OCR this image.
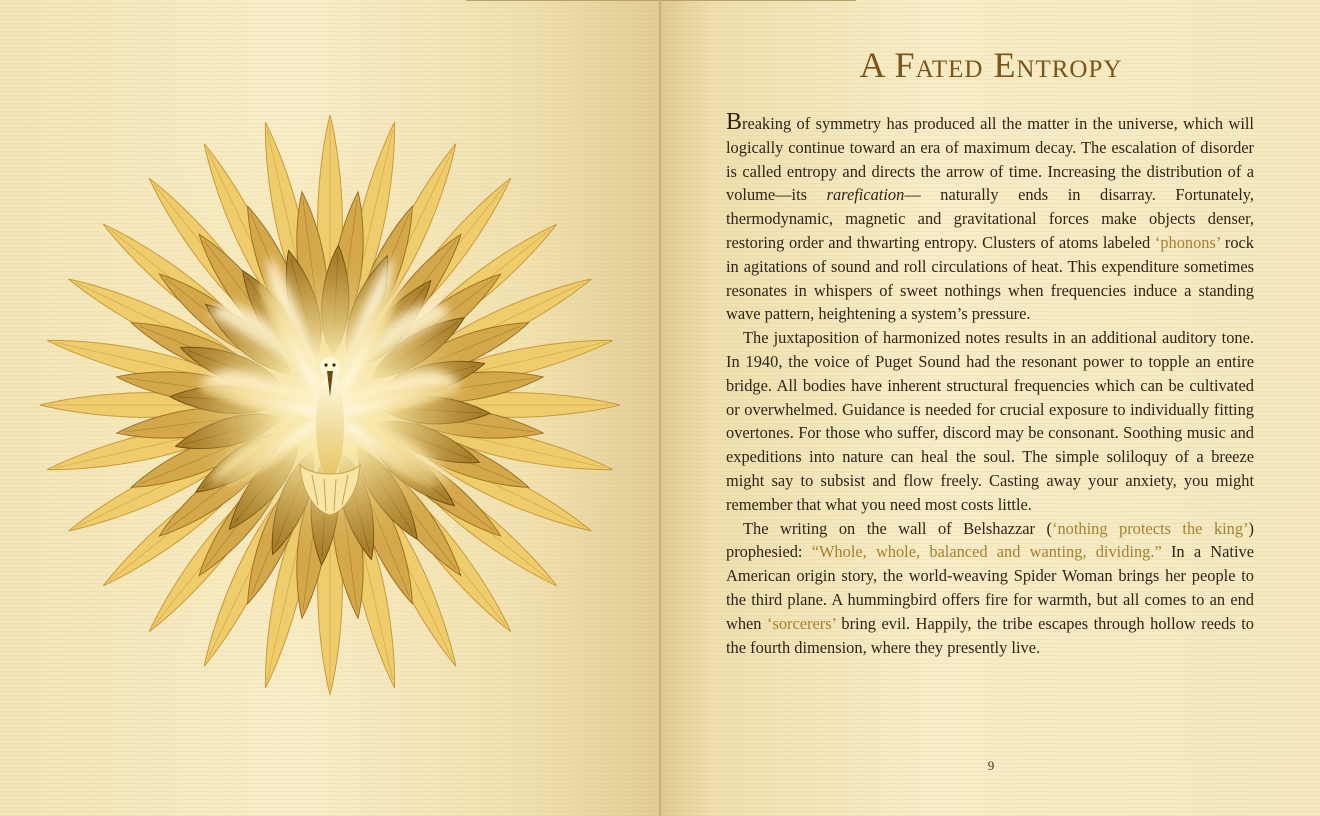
A Fated Entropy

Breaking of symmetry has produced all the matter in the universe, which will logically continue toward an era of maximum decay. The escalation of disorder is called entropy and directs the arrow of time. Increasing the distribution of a volume—its rarefication— naturally ends in disarray. Fortunately, thermodynamic, magnetic and gravitational forces make objects denser, restoring order and thwarting entropy. Clusters of atoms labeled ‘phonons’ rock in agitations of sound and roll circulations of heat. This expenditure sometimes resonates in whispers of sweet nothings when frequencies induce a standing wave pattern, heightening a system’s pressure.

The juxtaposition of harmonized notes results in an additional auditory tone. In 1940, the voice of Puget Sound had the resonant power to topple an entire bridge. All bodies have inherent structural frequencies which can be cultivated or overwhelmed. Guidance is needed for crucial exposure to individually fitting overtones. For those who suffer, discord may be consonant. Soothing music and expeditions into nature can heal the soul. The simple soliloquy of a breeze might say to subsist and flow freely. Casting away your anxiety, you might remember that what you need most costs little.

The writing on the wall of Belshazzar (‘nothing protects the king’) prophesied: “Whole, whole, balanced and wanting, dividing.” In a Native American origin story, the world-weaving Spider Woman brings her people to the third plane. A hummingbird offers fire for warmth, but all comes to an end when ‘sorcerers’ bring evil. Happily, the tribe escapes through hollow reeds to the fourth dimension, where they presently live.

9
